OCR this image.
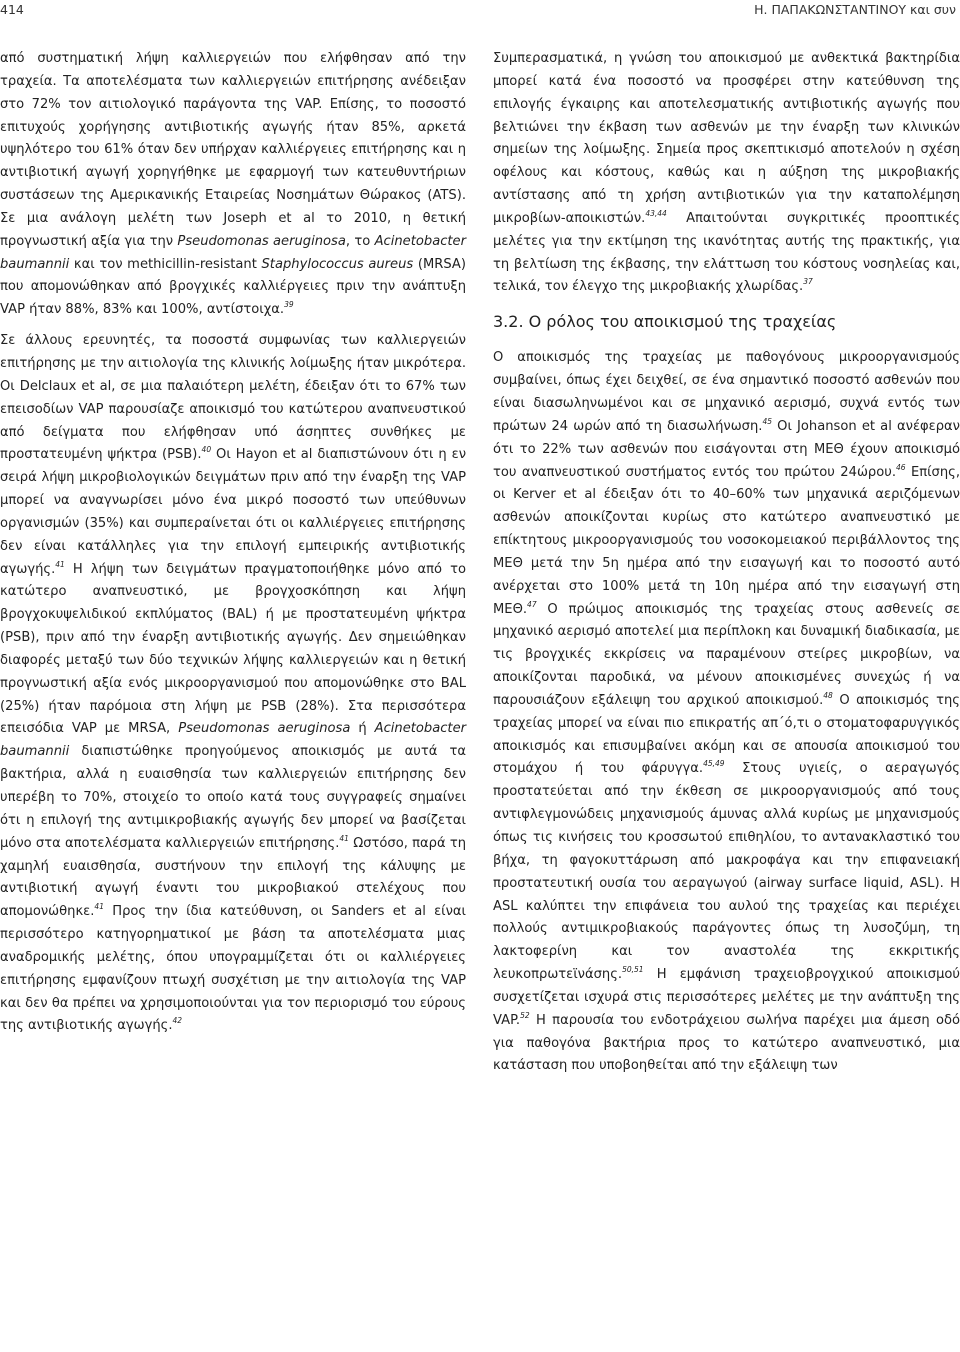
414	Η. ΠΑΠΑΚΩΝΣΤΑΝΤΙΝΟΥ και συν

από συστηματική λήψη καλλιεργειών που ελήφθησαν από την τραχεία. Τα αποτελέσματα των καλλιεργειών επιτήρησης ανέδειξαν στο 72% τον αιτιολογικό παράγοντα της VAP. Επίσης, το ποσοστό επιτυχούς χορήγησης αντιβιοτικής αγωγής ήταν 85%, αρκετά υψηλότερο του 61% όταν δεν υπήρχαν καλλιέργειες επιτήρησης και η αντιβιοτική αγωγή χορηγήθηκε με εφαρμογή των κατευθυντήριων συστάσεων της Αμερικανικής Εταιρείας Νοσημάτων Θώρακος (ATS). Σε μια ανάλογη μελέτη των Joseph et al το 2010, η θετική προγνωστική αξία για την Pseudomonas aeruginosa, το Acinetobacter baumannii και τον methicillin-resistant Staphylococcus aureus (MRSA) που απομονώθηκαν από βρογχικές καλλιέργειες πριν την ανάπτυξη VAP ήταν 88%, 83% και 100%, αντίστοιχα.$^{39}$

Σε άλλους ερευνητές, τα ποσοστά συμφωνίας των καλλιεργειών επιτήρησης με την αιτιολογία της κλινικής λοίμωξης ήταν μικρότερα. Οι Delclaux et al, σε μια παλαιότερη μελέτη, έδειξαν ότι το 67% των επεισοδίων VAP παρουσίαζε αποικισμό του κατώτερου αναπνευστικού από δείγματα που ελήφθησαν υπό άσηπτες συνθήκες με προστατευμένη ψήκτρα (PSB).$^{40}$ Οι Hayon et al διαπιστώνουν ότι η εν σειρά λήψη μικροβιολογικών δειγμάτων πριν από την έναρξη της VAP μπορεί να αναγνωρίσει μόνο ένα μικρό ποσοστό των υπεύθυνων οργανισμών (35%) και συμπεραίνεται ότι οι καλλιέργειες επιτήρησης δεν είναι κατάλληλες για την επιλογή εμπειρικής αντιβιοτικής αγωγής.$^{41}$ Η λήψη των δειγμάτων πραγματοποιήθηκε μόνο από το κατώτερο αναπνευστικό, με βρογχοσκόπηση και λήψη βρογχοκυψελιδικού εκπλύματος (BAL) ή με προστατευμένη ψήκτρα (PSB), πριν από την έναρξη αντιβιοτικής αγωγής. Δεν σημειώθηκαν διαφορές μεταξύ των δύο τεχνικών λήψης καλλιεργειών και η θετική προγνωστική αξία ενός μικροοργανισμού που απομονώθηκε στο BAL (25%) ήταν παρόμοια στη λήψη με PSB (28%). Στα περισσότερα επεισόδια VAP με MRSA, Pseudomonas aeruginosa ή Acinetobacter baumannii διαπιστώθηκε προηγούμενος αποικισμός με αυτά τα βακτήρια, αλλά η ευαισθησία των καλλιεργειών επιτήρησης δεν υπερέβη το 70%, στοιχείο το οποίο κατά τους συγγραφείς σημαίνει ότι η επιλογή της αντιμικροβιακής αγωγής δεν μπορεί να βασίζεται μόνο στα αποτελέσματα καλλιεργειών επιτήρησης.$^{41}$ Ωστόσο, παρά τη χαμηλή ευαισθησία, συστήνουν την επιλογή της κάλυψης με αντιβιοτική αγωγή έναντι του μικροβιακού στελέχους που απομονώθηκε.$^{41}$ Προς την ίδια κατεύθυνση, οι Sanders et al είναι περισσότερο κατηγορηματικοί με βάση τα αποτελέσματα μιας αναδρομικής μελέτης, όπου υπογραμμίζεται ότι οι καλλιέργειες επιτήρησης εμφανίζουν πτωχή συσχέτιση με την αιτιολογία της VAP και δεν θα πρέπει να χρησιμοποιούνται για τον περιορισμό του εύρους της αντιβιοτικής αγωγής.$^{42}$

Συμπερασματικά, η γνώση του αποικισμού με ανθεκτικά βακτηρίδια μπορεί κατά ένα ποσοστό να προσφέρει στην κατεύθυνση της επιλογής έγκαιρης και αποτελεσματικής αντιβιοτικής αγωγής που βελτιώνει την έκβαση των ασθενών με την έναρξη των κλινικών σημείων της λοίμωξης. Σημεία προς σκεπτικισμό αποτελούν η σχέση οφέλους και κόστους, καθώς και η αύξηση της μικροβιακής αντίστασης από τη χρήση αντιβιοτικών για την καταπολέμηση μικροβίων-αποικιστών.$^{43,44}$ Απαιτούνται συγκριτικές προοπτικές μελέτες για την εκτίμηση της ικανότητας αυτής της πρακτικής, για τη βελτίωση της έκβασης, την ελάττωση του κόστους νοσηλείας και, τελικά, τον έλεγχο της μικροβιακής χλωρίδας.$^{37}$

3.2. Ο ρόλος του αποικισμού της τραχείας

Ο αποικισμός της τραχείας με παθογόνους μικροοργανισμούς συμβαίνει, όπως έχει δειχθεί, σε ένα σημαντικό ποσοστό ασθενών που είναι διασωληνωμένοι και σε μηχανικό αερισμό, συχνά εντός των πρώτων 24 ωρών από τη διασωλήνωση.$^{45}$ Οι Johanson et al ανέφεραν ότι το 22% των ασθενών που εισάγονται στη ΜΕΘ έχουν αποικισμό του αναπνευστικού συστήματος εντός του πρώτου 24ώρου.$^{46}$ Επίσης, οι Kerver et al έδειξαν ότι το 40–60% των μηχανικά αεριζόμενων ασθενών αποικίζονται κυρίως στο κατώτερο αναπνευστικό με επίκτητους μικροοργανισμούς του νοσοκομειακού περιβάλλοντος της ΜΕΘ μετά την 5η ημέρα από την εισαγωγή και το ποσοστό αυτό ανέρχεται στο 100% μετά τη 10η ημέρα από την εισαγωγή στη ΜΕΘ.$^{47}$ Ο πρώιμος αποικισμός της τραχείας στους ασθενείς σε μηχανικό αερισμό αποτελεί μια περίπλοκη και δυναμική διαδικασία, με τις βρογχικές εκκρίσεις να παραμένουν στείρες μικροβίων, να αποικίζονται παροδικά, να μένουν αποικισμένες συνεχώς ή να παρουσιάζουν εξάλειψη του αρχικού αποικισμού.$^{48}$ Ο αποικισμός της τραχείας μπορεί να είναι πιο επικρατής απ΄ό,τι ο στοματοφαρυγγικός αποικισμός και επισυμβαίνει ακόμη και σε απουσία αποικισμού του στομάχου ή του φάρυγγα.$^{45,49}$ Στους υγιείς, ο αεραγωγός προστατεύεται από την έκθεση σε μικροοργανισμούς από τους αντιφλεγμονώδεις μηχανισμούς άμυνας αλλά κυρίως με μηχανισμούς όπως τις κινήσεις του κροσσωτού επιθηλίου, το αντανακλαστικό του βήχα, τη φαγοκυττάρωση από μακροφάγα και την επιφανειακή προστατευτική ουσία του αεραγωγού (airway surface liquid, ASL). Η ASL καλύπτει την επιφάνεια του αυλού της τραχείας και περιέχει πολλούς αντιμικροβιακούς παράγοντες όπως τη λυσοζύμη, τη λακτοφερίνη και τον αναστολέα της εκκριτικής λευκοπρωτεϊνάσης.$^{50,51}$ Η εμφάνιση τραχειοβρογχικού αποικισμού συσχετίζεται ισχυρά στις περισσότερες μελέτες με την ανάπτυξη της VAP.$^{52}$ Η παρουσία του ενδοτράχειου σωλήνα παρέχει μια άμεση οδό για παθογόνα βακτήρια προς το κατώτερο αναπνευστικό, μια κατάσταση που υποβοηθείται από την εξάλειψη των
